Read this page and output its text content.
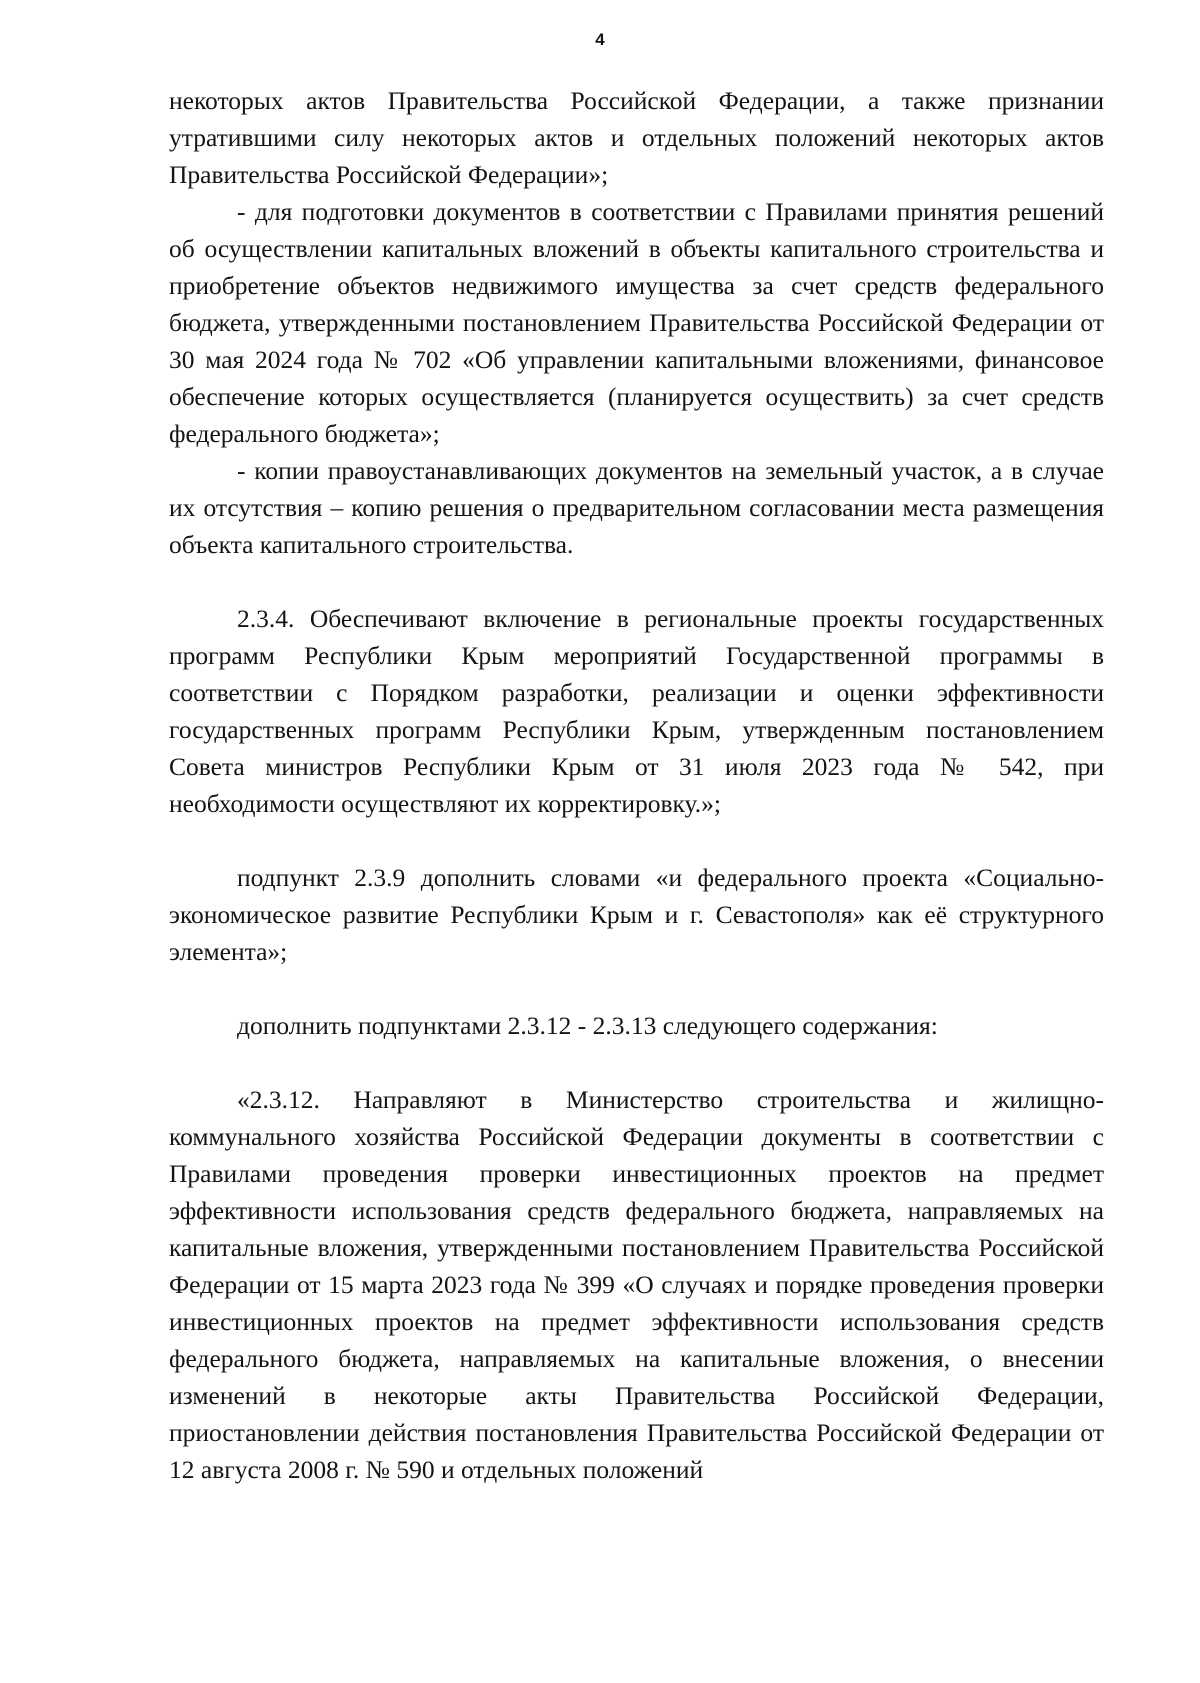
4

некоторых актов Правительства Российской Федерации, а также признании утратившими силу некоторых актов и отдельных положений некоторых актов Правительства Российской Федерации»;

- для подготовки документов в соответствии с Правилами принятия решений об осуществлении капитальных вложений в объекты капитального строительства и приобретение объектов недвижимого имущества за счет средств федерального бюджета, утвержденными постановлением Правительства Российской Федерации от 30 мая 2024 года № 702 «Об управлении капитальными вложениями, финансовое обеспечение которых осуществляется (планируется осуществить) за счет средств федерального бюджета»;

- копии правоустанавливающих документов на земельный участок, а в случае их отсутствия – копию решения о предварительном согласовании места размещения объекта капитального строительства.

2.3.4. Обеспечивают включение в региональные проекты государственных программ Республики Крым мероприятий Государственной программы в соответствии с Порядком разработки, реализации и оценки эффективности государственных программ Республики Крым, утвержденным постановлением Совета министров Республики Крым от 31 июля 2023 года № 542, при необходимости осуществляют их корректировку.»;

подпункт 2.3.9 дополнить словами «и федерального проекта «Социально-экономическое развитие Республики Крым и г. Севастополя» как её структурного элемента»;

дополнить подпунктами 2.3.12 - 2.3.13 следующего содержания:

«2.3.12. Направляют в Министерство строительства и жилищно-коммунального хозяйства Российской Федерации документы в соответствии с Правилами проведения проверки инвестиционных проектов на предмет эффективности использования средств федерального бюджета, направляемых на капитальные вложения, утвержденными постановлением Правительства Российской Федерации от 15 марта 2023 года № 399 «О случаях и порядке проведения проверки инвестиционных проектов на предмет эффективности использования средств федерального бюджета, направляемых на капитальные вложения, о внесении изменений в некоторые акты Правительства Российской Федерации, приостановлении действия постановления Правительства Российской Федерации от 12 августа 2008 г. № 590 и отдельных положений
